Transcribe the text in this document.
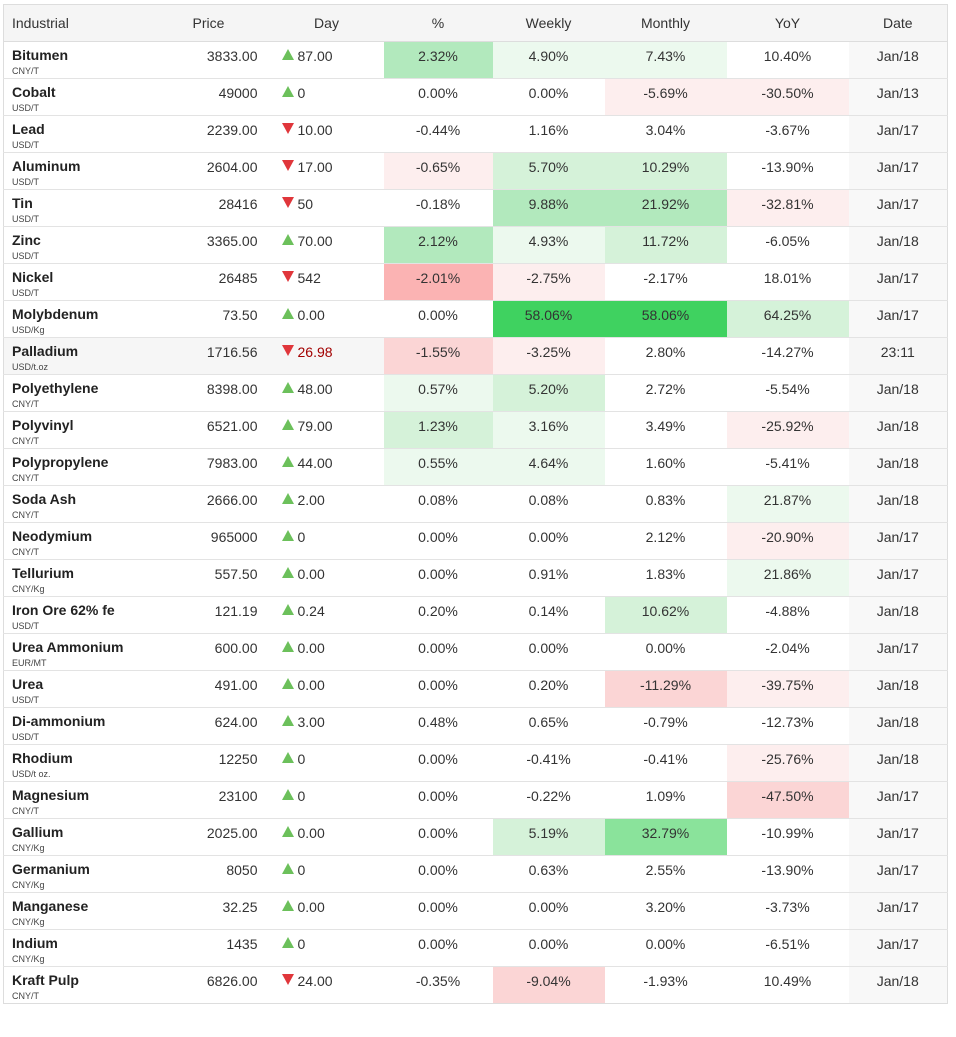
Industrial	Price	Day	%	Weekly	Monthly	YoY	Date

Bitumen
CNY/T	3833.00	87.00	2.32%	4.90%	7.43%	10.40%	Jan/18

Cobalt
USD/T	49000	0	0.00%	0.00%	-5.69%	-30.50%	Jan/13

Lead
USD/T	2239.00	10.00	-0.44%	1.16%	3.04%	-3.67%	Jan/17

Aluminum
USD/T	2604.00	17.00	-0.65%	5.70%	10.29%	-13.90%	Jan/17

Tin
USD/T	28416	50	-0.18%	9.88%	21.92%	-32.81%	Jan/17

Zinc
USD/T	3365.00	70.00	2.12%	4.93%	11.72%	-6.05%	Jan/18

Nickel
USD/T	26485	542	-2.01%	-2.75%	-2.17%	18.01%	Jan/17

Molybdenum
USD/Kg	73.50	0.00	0.00%	58.06%	58.06%	64.25%	Jan/17

Palladium
USD/t.oz	1716.56	26.98	-1.55%	-3.25%	2.80%	-14.27%	23:11

Polyethylene
CNY/T	8398.00	48.00	0.57%	5.20%	2.72%	-5.54%	Jan/18

Polyvinyl
CNY/T	6521.00	79.00	1.23%	3.16%	3.49%	-25.92%	Jan/18

Polypropylene
CNY/T	7983.00	44.00	0.55%	4.64%	1.60%	-5.41%	Jan/18

Soda Ash
CNY/T	2666.00	2.00	0.08%	0.08%	0.83%	21.87%	Jan/18

Neodymium
CNY/T	965000	0	0.00%	0.00%	2.12%	-20.90%	Jan/17

Tellurium
CNY/Kg	557.50	0.00	0.00%	0.91%	1.83%	21.86%	Jan/17

Iron Ore 62% fe
USD/T	121.19	0.24	0.20%	0.14%	10.62%	-4.88%	Jan/18

Urea Ammonium
EUR/MT	600.00	0.00	0.00%	0.00%	0.00%	-2.04%	Jan/17

Urea
USD/T	491.00	0.00	0.00%	0.20%	-11.29%	-39.75%	Jan/18

Di-ammonium
USD/T	624.00	3.00	0.48%	0.65%	-0.79%	-12.73%	Jan/18

Rhodium
USD/t oz.	12250	0	0.00%	-0.41%	-0.41%	-25.76%	Jan/18

Magnesium
CNY/T	23100	0	0.00%	-0.22%	1.09%	-47.50%	Jan/17

Gallium
CNY/Kg	2025.00	0.00	0.00%	5.19%	32.79%	-10.99%	Jan/17

Germanium
CNY/Kg	8050	0	0.00%	0.63%	2.55%	-13.90%	Jan/17

Manganese
CNY/Kg	32.25	0.00	0.00%	0.00%	3.20%	-3.73%	Jan/17

Indium
CNY/Kg	1435	0	0.00%	0.00%	0.00%	-6.51%	Jan/17

Kraft Pulp
CNY/T	6826.00	24.00	-0.35%	-9.04%	-1.93%	10.49%	Jan/18
